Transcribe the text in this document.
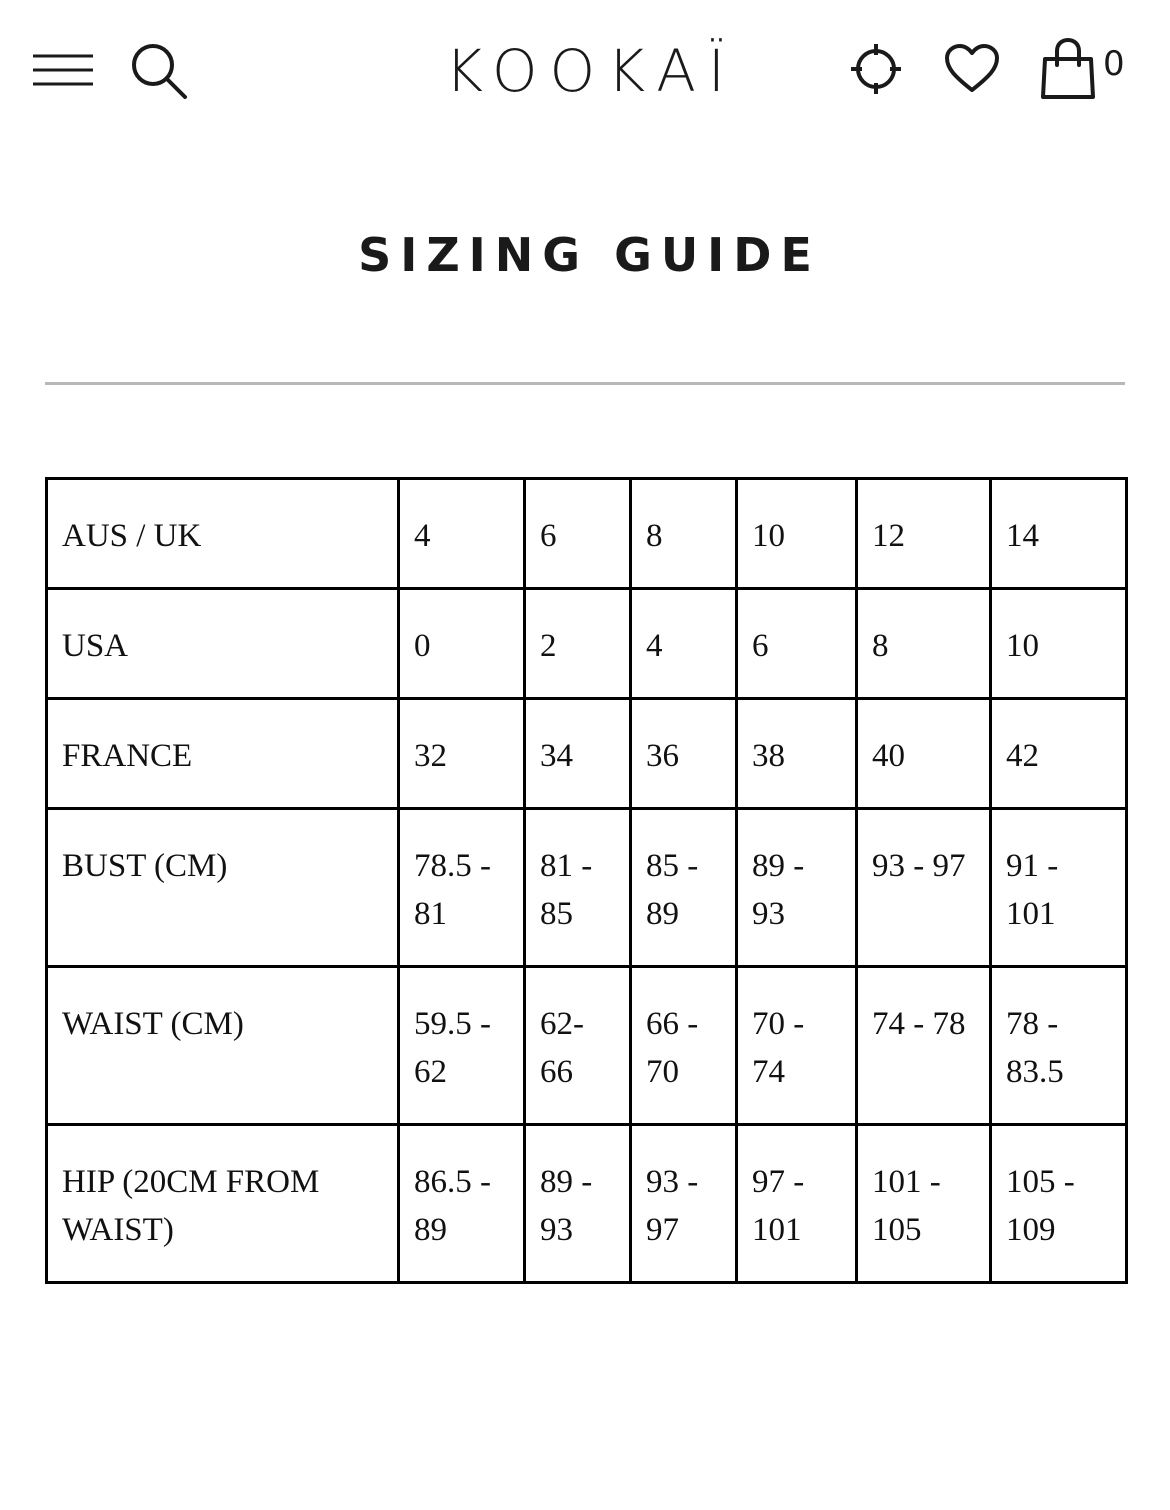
KOOKAÏ	0
SIZING GUIDE
AUS / UK	4	6	8	10	12	14
USA	0	2	4	6	8	10
FRANCE	32	34	36	38	40	42
BUST (CM)	78.5 - 81	81 - 85	85 - 89	89 - 93	93 - 97	91 - 101
WAIST (CM)	59.5 - 62	62-66	66 - 70	70 - 74	74 - 78	78 - 83.5
HIP (20CM FROM WAIST)	86.5 - 89	89 - 93	93 - 97	97 - 101	101 - 105	105 - 109
